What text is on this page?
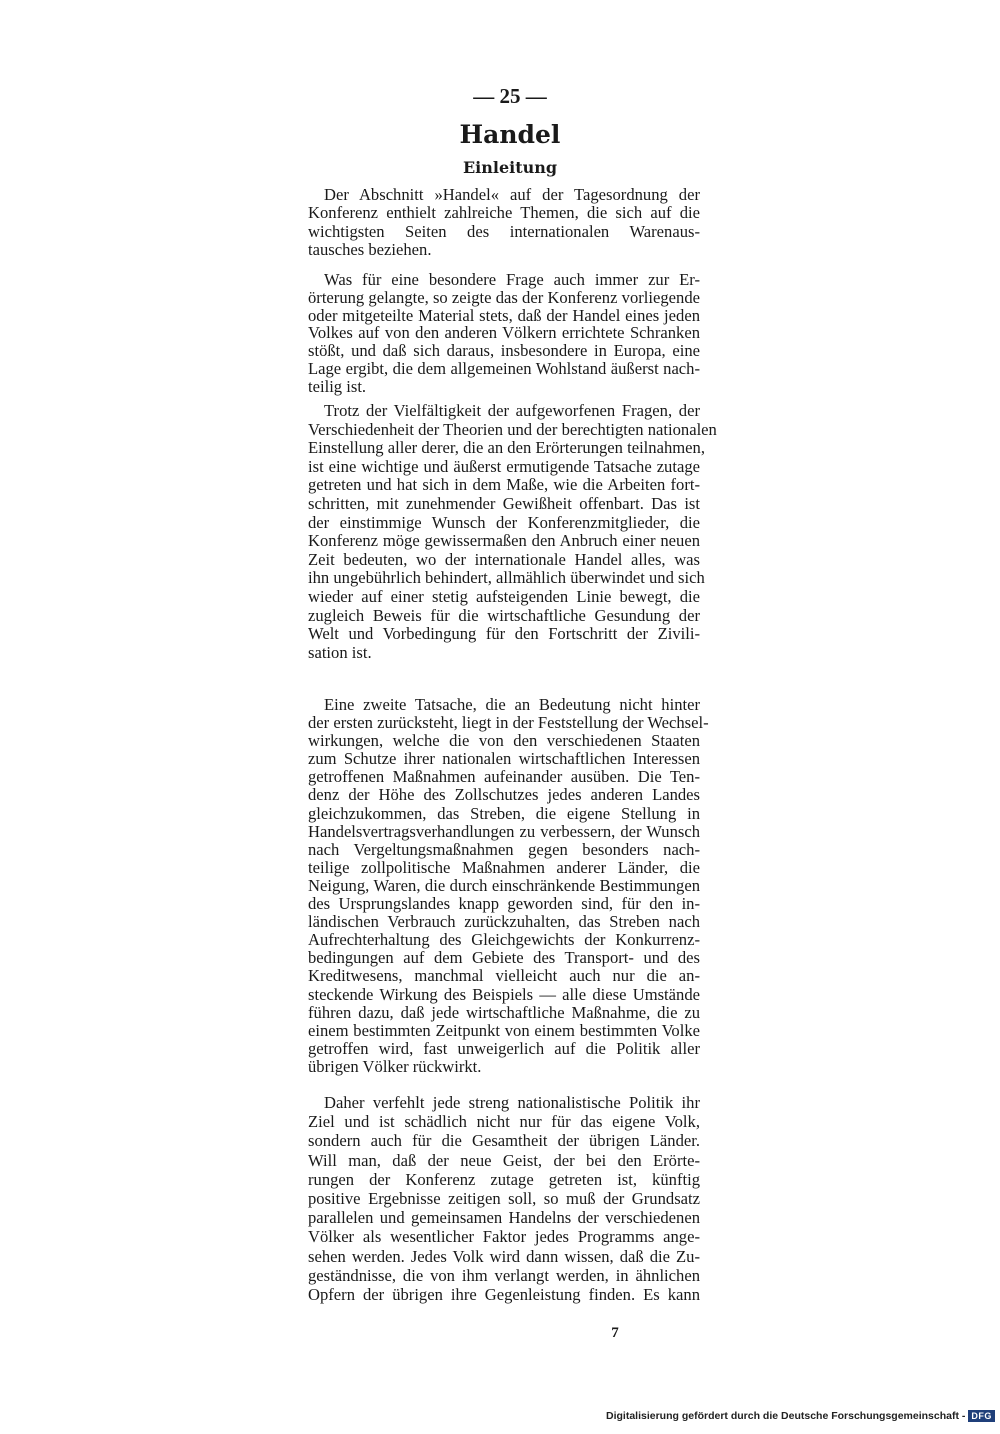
— 25 —
Handel
Einleitung
Der Abschnitt »Handel« auf der Tagesordnung der
Konferenz enthielt zahlreiche Themen, die sich auf die
wichtigsten Seiten des internationalen Warenaus-
tausches beziehen.
Was für eine besondere Frage auch immer zur Er-
örterung gelangte, so zeigte das der Konferenz vorliegende
oder mitgeteilte Material stets, daß der Handel eines jeden
Volkes auf von den anderen Völkern errichtete Schranken
stößt, und daß sich daraus, insbesondere in Europa, eine
Lage ergibt, die dem allgemeinen Wohlstand äußerst nach-
teilig ist.
Trotz der Vielfältigkeit der aufgeworfenen Fragen, der
Verschiedenheit der Theorien und der berechtigten nationalen
Einstellung aller derer, die an den Erörterungen teilnahmen,
ist eine wichtige und äußerst ermutigende Tatsache zutage
getreten und hat sich in dem Maße, wie die Arbeiten fort-
schritten, mit zunehmender Gewißheit offenbart. Das ist
der einstimmige Wunsch der Konferenzmitglieder, die
Konferenz möge gewissermaßen den Anbruch einer neuen
Zeit bedeuten, wo der internationale Handel alles, was
ihn ungebührlich behindert, allmählich überwindet und sich
wieder auf einer stetig aufsteigenden Linie bewegt, die
zugleich Beweis für die wirtschaftliche Gesundung der
Welt und Vorbedingung für den Fortschritt der Zivili-
sation ist.
Eine zweite Tatsache, die an Bedeutung nicht hinter
der ersten zurücksteht, liegt in der Feststellung der Wechsel-
wirkungen, welche die von den verschiedenen Staaten
zum Schutze ihrer nationalen wirtschaftlichen Interessen
getroffenen Maßnahmen aufeinander ausüben. Die Ten-
denz der Höhe des Zollschutzes jedes anderen Landes
gleichzukommen, das Streben, die eigene Stellung in
Handelsvertragsverhandlungen zu verbessern, der Wunsch
nach Vergeltungsmaßnahmen gegen besonders nach-
teilige zollpolitische Maßnahmen anderer Länder, die
Neigung, Waren, die durch einschränkende Bestimmungen
des Ursprungslandes knapp geworden sind, für den in-
ländischen Verbrauch zurückzuhalten, das Streben nach
Aufrechterhaltung des Gleichgewichts der Konkurrenz-
bedingungen auf dem Gebiete des Transport- und des
Kreditwesens, manchmal vielleicht auch nur die an-
steckende Wirkung des Beispiels — alle diese Umstände
führen dazu, daß jede wirtschaftliche Maßnahme, die zu
einem bestimmten Zeitpunkt von einem bestimmten Volke
getroffen wird, fast unweigerlich auf die Politik aller
übrigen Völker rückwirkt.
Daher verfehlt jede streng nationalistische Politik ihr
Ziel und ist schädlich nicht nur für das eigene Volk,
sondern auch für die Gesamtheit der übrigen Länder.
Will man, daß der neue Geist, der bei den Erörte-
rungen der Konferenz zutage getreten ist, künftig
positive Ergebnisse zeitigen soll, so muß der Grundsatz
parallelen und gemeinsamen Handelns der verschiedenen
Völker als wesentlicher Faktor jedes Programms ange-
sehen werden. Jedes Volk wird dann wissen, daß die Zu-
geständnisse, die von ihm verlangt werden, in ähnlichen
Opfern der übrigen ihre Gegenleistung finden. Es kann
7
Digitalisierung gefördert durch die Deutsche Forschungsgemeinschaft - DFG
